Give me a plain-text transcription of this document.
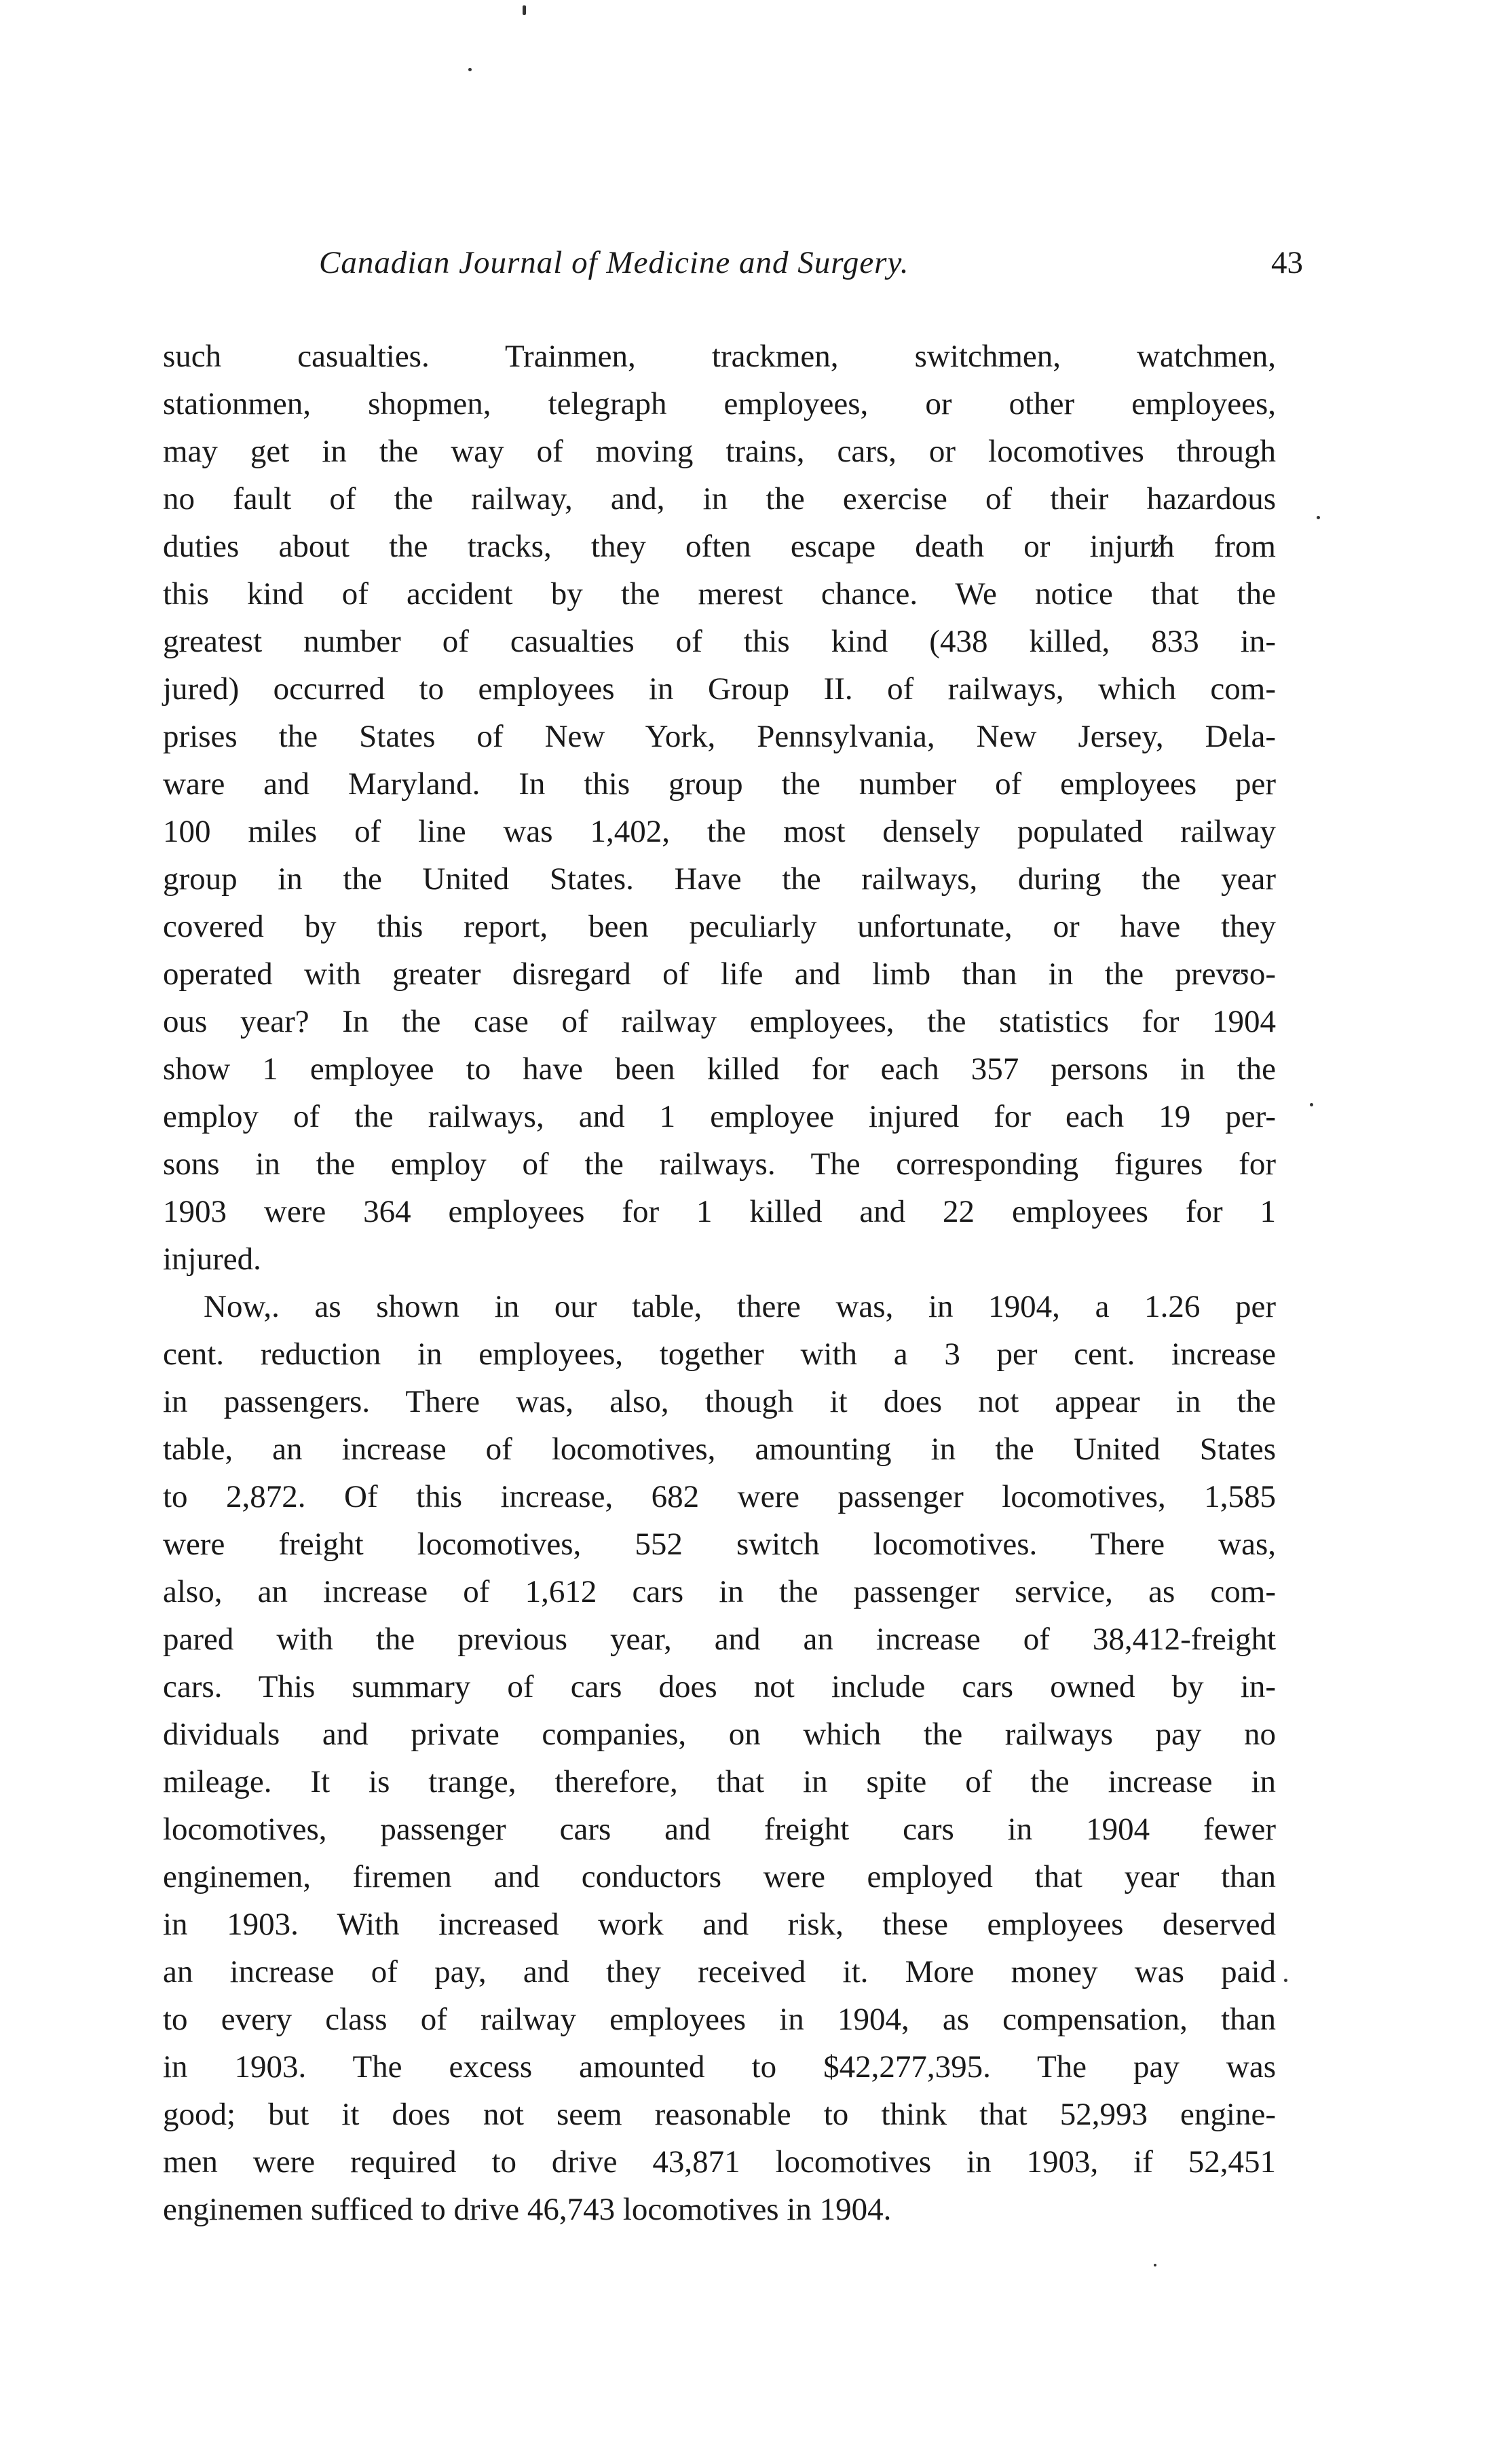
Canadian Journal of Medicine and Surgery.	43
such casualties. Trainmen, trackmen, switchmen, watchmen,
stationmen, shopmen, telegraph employees, or other employees,
may get in the way of moving trains, cars, or locomotives through
no fault of the railway, and, in the exercise of their hazardous
duties about the tracks, they often escape death or injurᵺ from
this kind of accident by the merest chance. We notice that the
greatest number of casualties of this kind (438 killed, 833 in-
jured) occurred to employees in Group II. of railways, which com-
prises the States of New York, Pennsylvania, New Jersey, Dela-
ware and Maryland. In this group the number of employees per
100 miles of line was 1,402, the most densely populated railway
group in the United States. Have the railways, during the year
covered by this report, been peculiarly unfortunate, or have they
operated with greater disregard of life and limb than in the prevʊo-
ous year? In the case of railway employees, the statistics for 1904
show 1 employee to have been killed for each 357 persons in the
employ of the railways, and 1 employee injured for each 19 per-
sons in the employ of the railways. The corresponding figures for
1903 were 364 employees for 1 killed and 22 employees for 1
injured.
Now,. as shown in our table, there was, in 1904, a 1.26 per
cent. reduction in employees, together with a 3 per cent. increase
in passengers. There was, also, though it does not appear in the
table, an increase of locomotives, amounting in the United States
to 2,872. Of this increase, 682 were passenger locomotives, 1,585
were freight locomotives, 552 switch locomotives. There was,
also, an increase of 1,612 cars in the passenger service, as com-
pared with the previous year, and an increase of 38,412-freight
cars. This summary of cars does not include cars owned by in-
dividuals and private companies, on which the railways pay no
mileage. It is trange, therefore, that in spite of the increase in
locomotives, passenger cars and freight cars in 1904 fewer
enginemen, firemen and conductors were employed that year than
in 1903. With increased work and risk, these employees deserved
an increase of pay, and they received it. More money was paid
to every class of railway employees in 1904, as compensation, than
in 1903. The excess amounted to $42,277,395. The pay was
good; but it does not seem reasonable to think that 52,993 engine-
men were required to drive 43,871 locomotives in 1903, if 52,451
enginemen sufficed to drive 46,743 locomotives in 1904.
